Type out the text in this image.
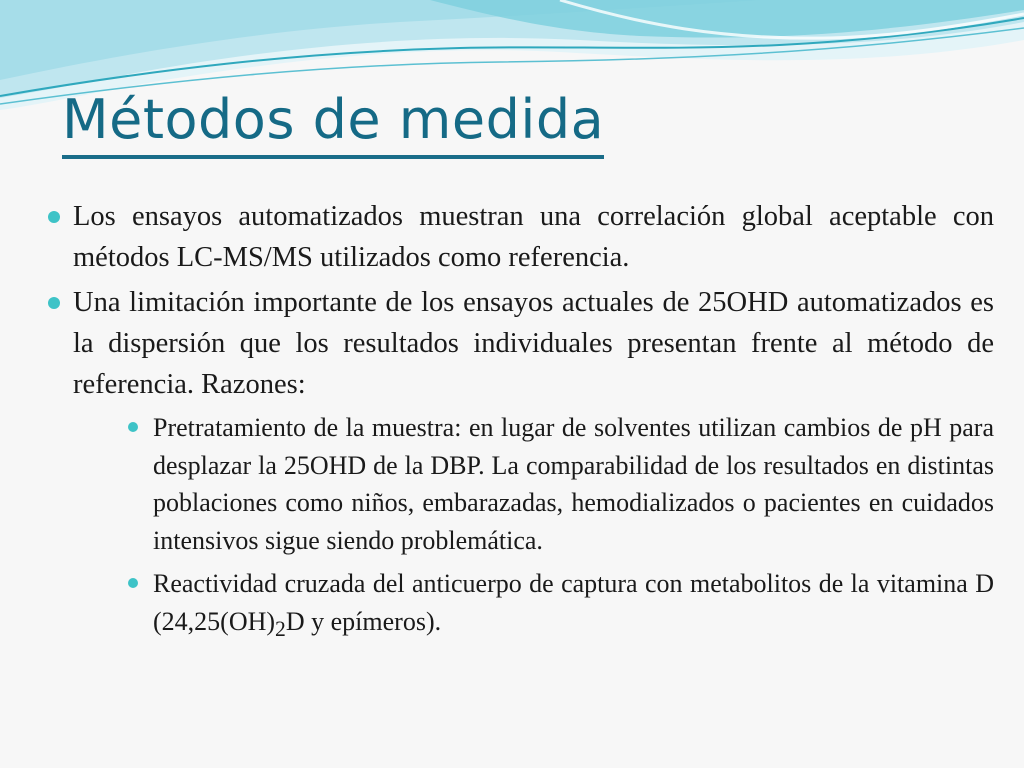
Métodos de medida
Los ensayos automatizados muestran una correlación global aceptable con métodos LC-MS/MS utilizados como referencia.
Una limitación importante de los ensayos actuales de 25OHD automatizados es la dispersión que los resultados individuales presentan frente al método de referencia. Razones:
Pretratamiento de la muestra: en lugar de solventes utilizan cambios de pH para desplazar la 25OHD de la DBP. La comparabilidad de los resultados en distintas poblaciones como niños, embarazadas, hemodializados o pacientes en cuidados intensivos sigue siendo problemática.
Reactividad cruzada del anticuerpo de captura con metabolitos de la vitamina D ($24,25(OH)_2D$ y epímeros).
